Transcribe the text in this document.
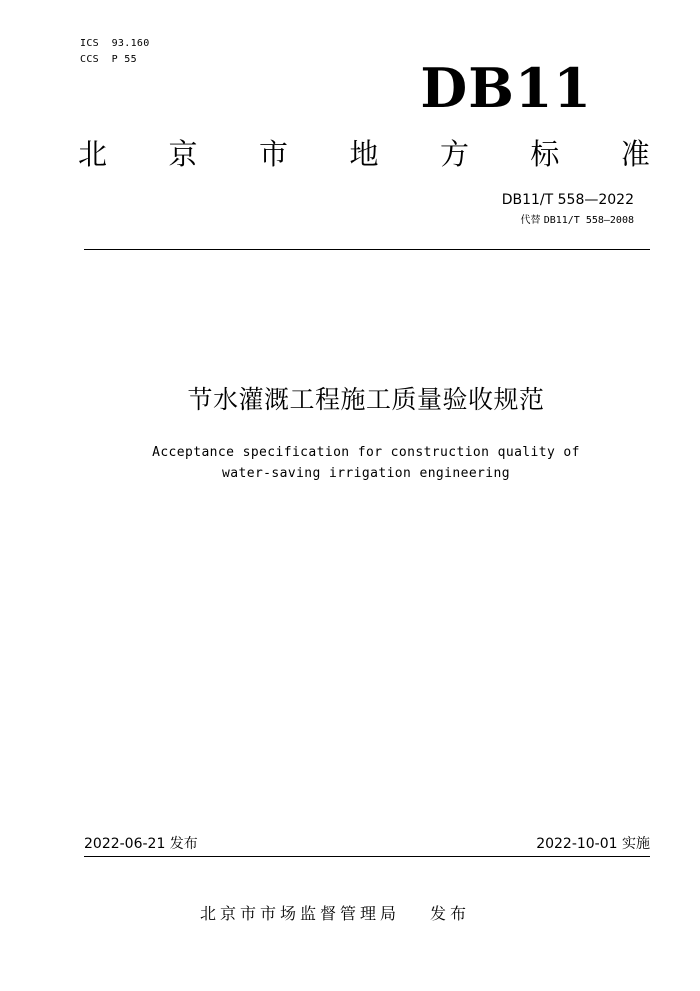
ICS  93.160
CCS  P 55	DB11
北 京 市 地 方 标 准
DB11/T 558—2022
代替 DB11/T 558—2008
节水灌溉工程施工质量验收规范
Acceptance specification for construction quality of
water-saving irrigation engineering
2022-06-21 发布	2022-10-01 实施
北京市市场监督管理局 发布
